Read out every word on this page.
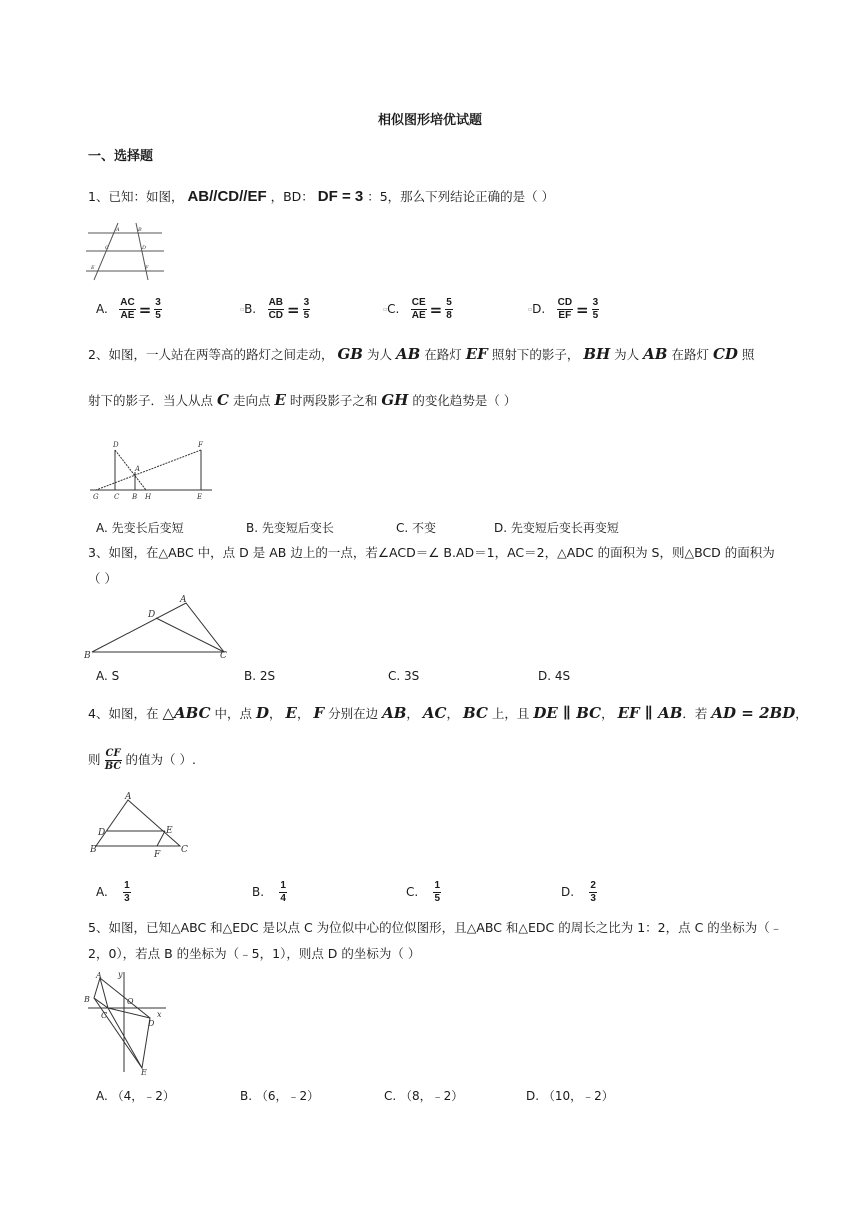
相似图形培优试题
一、选择题
1、已知：如图， AB//CD//EF ，BD： DF = 3 ：5，那么下列结论正确的是（ ）
A	B
C	D
E	F
A. $\frac{AC}{AE} = \frac{3}{5}$	▫B. $\frac{AB}{CD} = \frac{3}{5}$	▫C. $\frac{CE}{AE} = \frac{5}{8}$	▫D. $\frac{CD}{EF} = \frac{3}{5}$
2、如图，一人站在两等高的路灯之间走动， GB 为人 AB 在路灯 EF 照射下的影子， BH 为人 AB 在路灯 CD 照
射下的影子．当人从点 C 走向点 E 时两段影子之和 GH 的变化趋势是（ ）
D	F
A
G C B H	E
A. 先变长后变短	B. 先变短后变长	C. 不变	D. 先变短后变长再变短
3、如图，在△ABC 中，点 D 是 AB 边上的一点，若∠ACD＝∠ B.AD＝1，AC＝2，△ADC 的面积为 S，则△BCD 的面积为
（ ）
A
D
B	C
A. S	B. 2S	C. 3S	D. 4S
4、如图，在 △ABC 中，点 D， E， F 分别在边 AB， AC， BC 上，且 DE ∥ BC， EF ∥ AB．若 AD = 2BD，
则 $\frac{CF}{BC}$ 的值为（ ）.
A
D	E
B	F C
A. $\frac{1}{3}$	B. $\frac{1}{4}$	C. $\frac{1}{5}$	D. $\frac{2}{3}$
5、如图，已知△ABC 和△EDC 是以点 C 为位似中心的位似图形，且△ABC 和△EDC 的周长之比为 1：2，点 C 的坐标为（﹣
2，0），若点 B 的坐标为（﹣5，1），则点 D 的坐标为（ ）
A y
B	O
C	x
D
E
A. （4，﹣2）	B. （6，﹣2）	C. （8，﹣2）	D. （10，﹣2）
